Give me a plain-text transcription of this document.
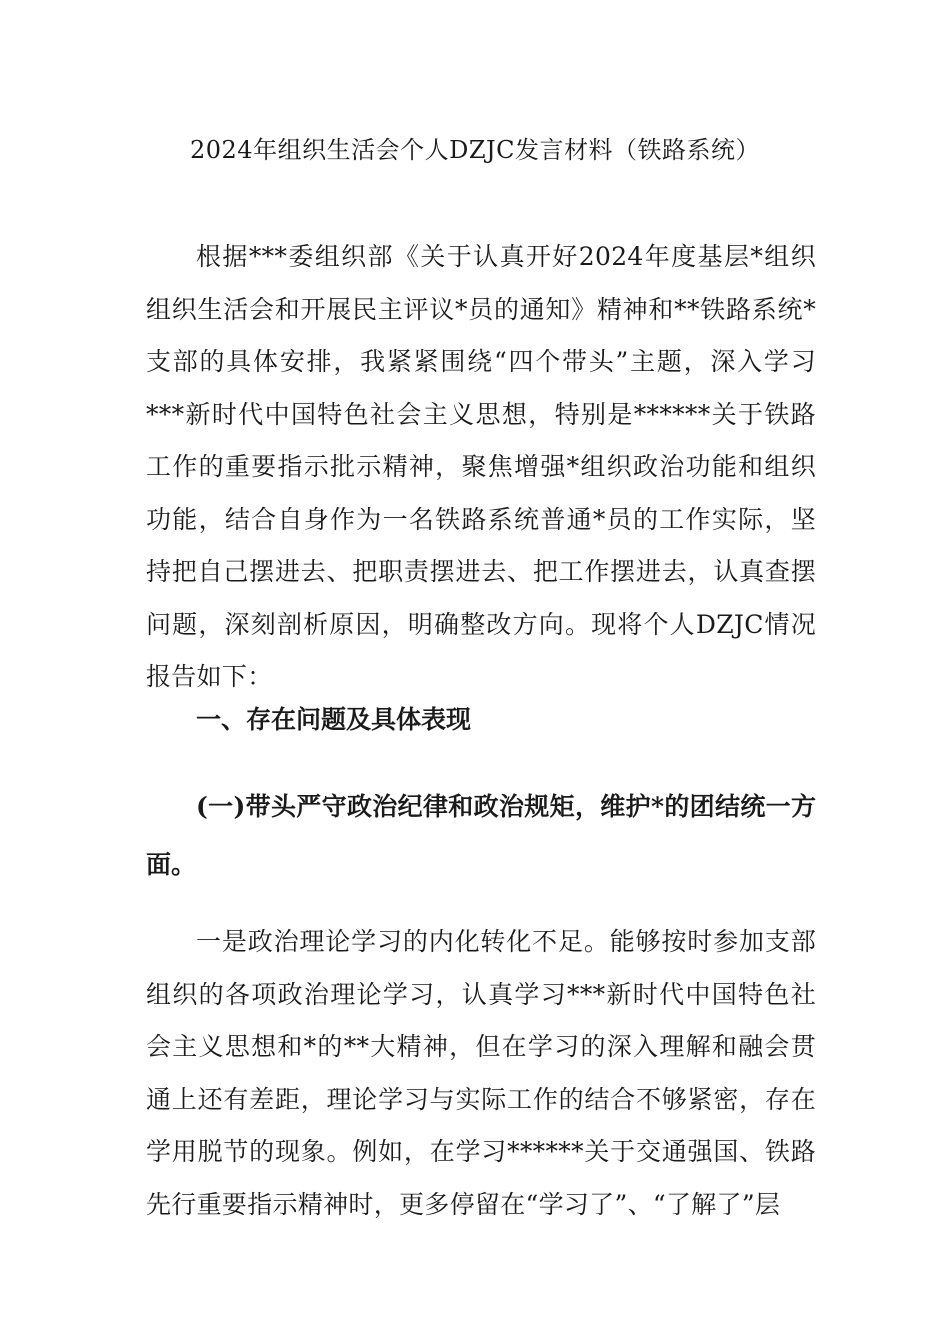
2024年组织生活会个人DZJC发言材料（铁路系统）

根据***委组织部《关于认真开好2024年度基层*组织组织生活会和开展民主评议*员的通知》精神和**铁路系统*支部的具体安排，我紧紧围绕“四个带头”主题，深入学习***新时代中国特色社会主义思想，特别是******关于铁路工作的重要指示批示精神，聚焦增强*组织政治功能和组织功能，结合自身作为一名铁路系统普通*员的工作实际，坚持把自己摆进去、把职责摆进去、把工作摆进去，认真查摆问题，深刻剖析原因，明确整改方向。现将个人DZJC情况报告如下：

一、存在问题及具体表现

(一)带头严守政治纪律和政治规矩，维护*的团结统一方面。

一是政治理论学习的内化转化不足。能够按时参加支部组织的各项政治理论学习，认真学习***新时代中国特色社会主义思想和*的**大精神，但在学习的深入理解和融会贯通上还有差距，理论学习与实际工作的结合不够紧密，存在学用脱节的现象。例如，在学习******关于交通强国、铁路先行重要指示精神时，更多停留在“学习了”、“了解了”层
